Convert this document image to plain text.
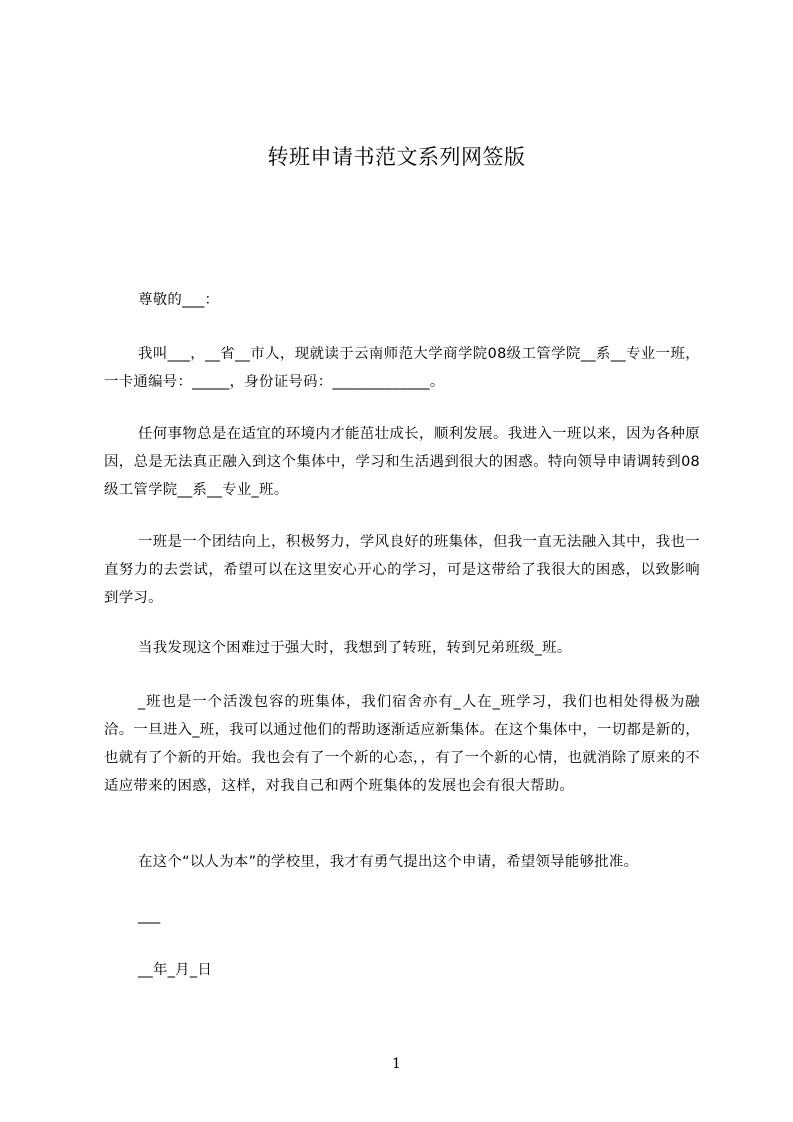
转班申请书范文系列网签版
尊敬的___：
我叫___，__省__市人，现就读于云南师范大学商学院08级工管学院__系__专业一班，一卡通编号：_____，身份证号码：_____________。
任何事物总是在适宜的环境内才能茁壮成长，顺利发展。我进入一班以来，因为各种原因，总是无法真正融入到这个集体中，学习和生活遇到很大的困惑。特向领导申请调转到08级工管学院__系__专业_班。
一班是一个团结向上，积极努力，学风良好的班集体，但我一直无法融入其中，我也一直努力的去尝试，希望可以在这里安心开心的学习，可是这带给了我很大的困惑，以致影响到学习。
当我发现这个困难过于强大时，我想到了转班，转到兄弟班级_班。
_班也是一个活泼包容的班集体，我们宿舍亦有_人在_班学习，我们也相处得极为融洽。一旦进入_班，我可以通过他们的帮助逐渐适应新集体。在这个集体中，一切都是新的，也就有了个新的开始。我也会有了一个新的心态，，有了一个新的心情，也就消除了原来的不适应带来的困惑，这样，对我自己和两个班集体的发展也会有很大帮助。
在这个“以人为本”的学校里，我才有勇气提出这个申请，希望领导能够批准。
___
__年_月_日
1
